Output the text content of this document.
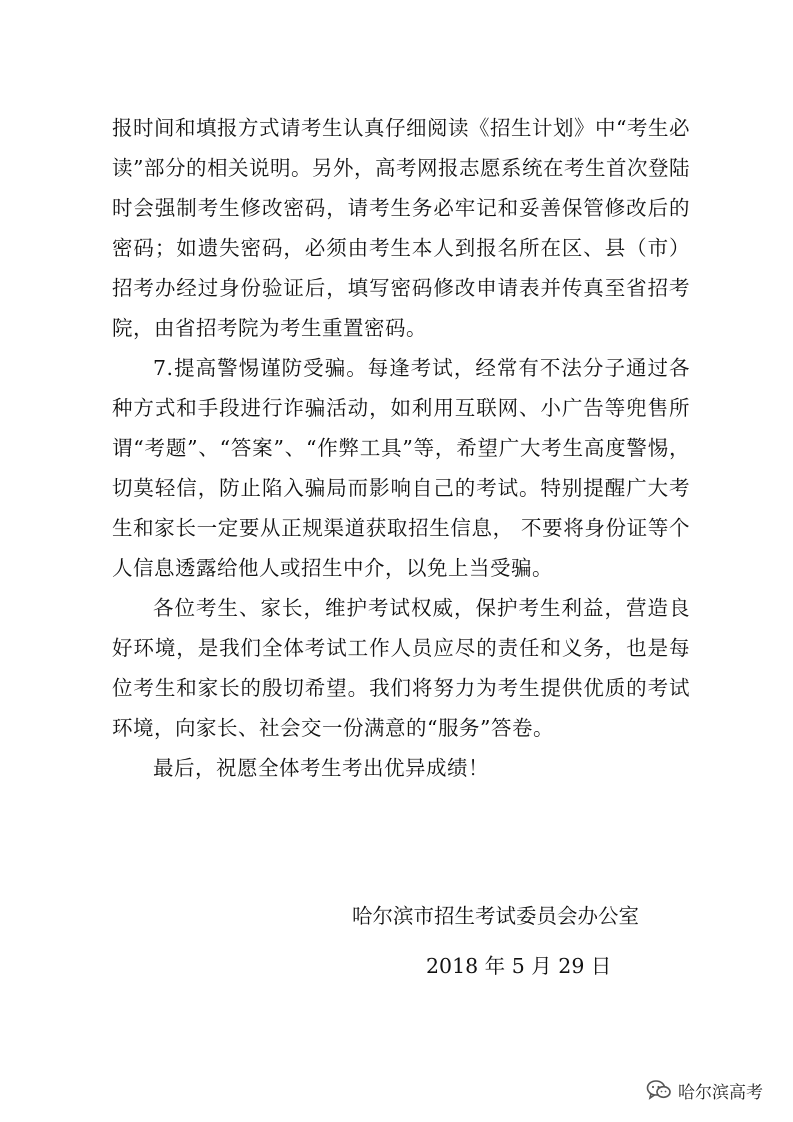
报时间和填报方式请考生认真仔细阅读《招生计划》中“考生必读”部分的相关说明。另外，高考网报志愿系统在考生首次登陆时会强制考生修改密码，请考生务必牢记和妥善保管修改后的密码；如遗失密码，必须由考生本人到报名所在区、县（市）招考办经过身份验证后，填写密码修改申请表并传真至省招考院，由省招考院为考生重置密码。

7.提高警惕谨防受骗。每逢考试，经常有不法分子通过各种方式和手段进行诈骗活动，如利用互联网、小广告等兜售所谓“考题”、“答案”、“作弊工具”等，希望广大考生高度警惕，切莫轻信，防止陷入骗局而影响自己的考试。特别提醒广大考生和家长一定要从正规渠道获取招生信息， 不要将身份证等个人信息透露给他人或招生中介，以免上当受骗。

各位考生、家长，维护考试权威，保护考生利益，营造良好环境，是我们全体考试工作人员应尽的责任和义务，也是每位考生和家长的殷切希望。我们将努力为考生提供优质的考试环境，向家长、社会交一份满意的“服务”答卷。

最后，祝愿全体考生考出优异成绩！

哈尔滨市招生考试委员会办公室
2018 年 5 月 29 日
哈尔滨高考
